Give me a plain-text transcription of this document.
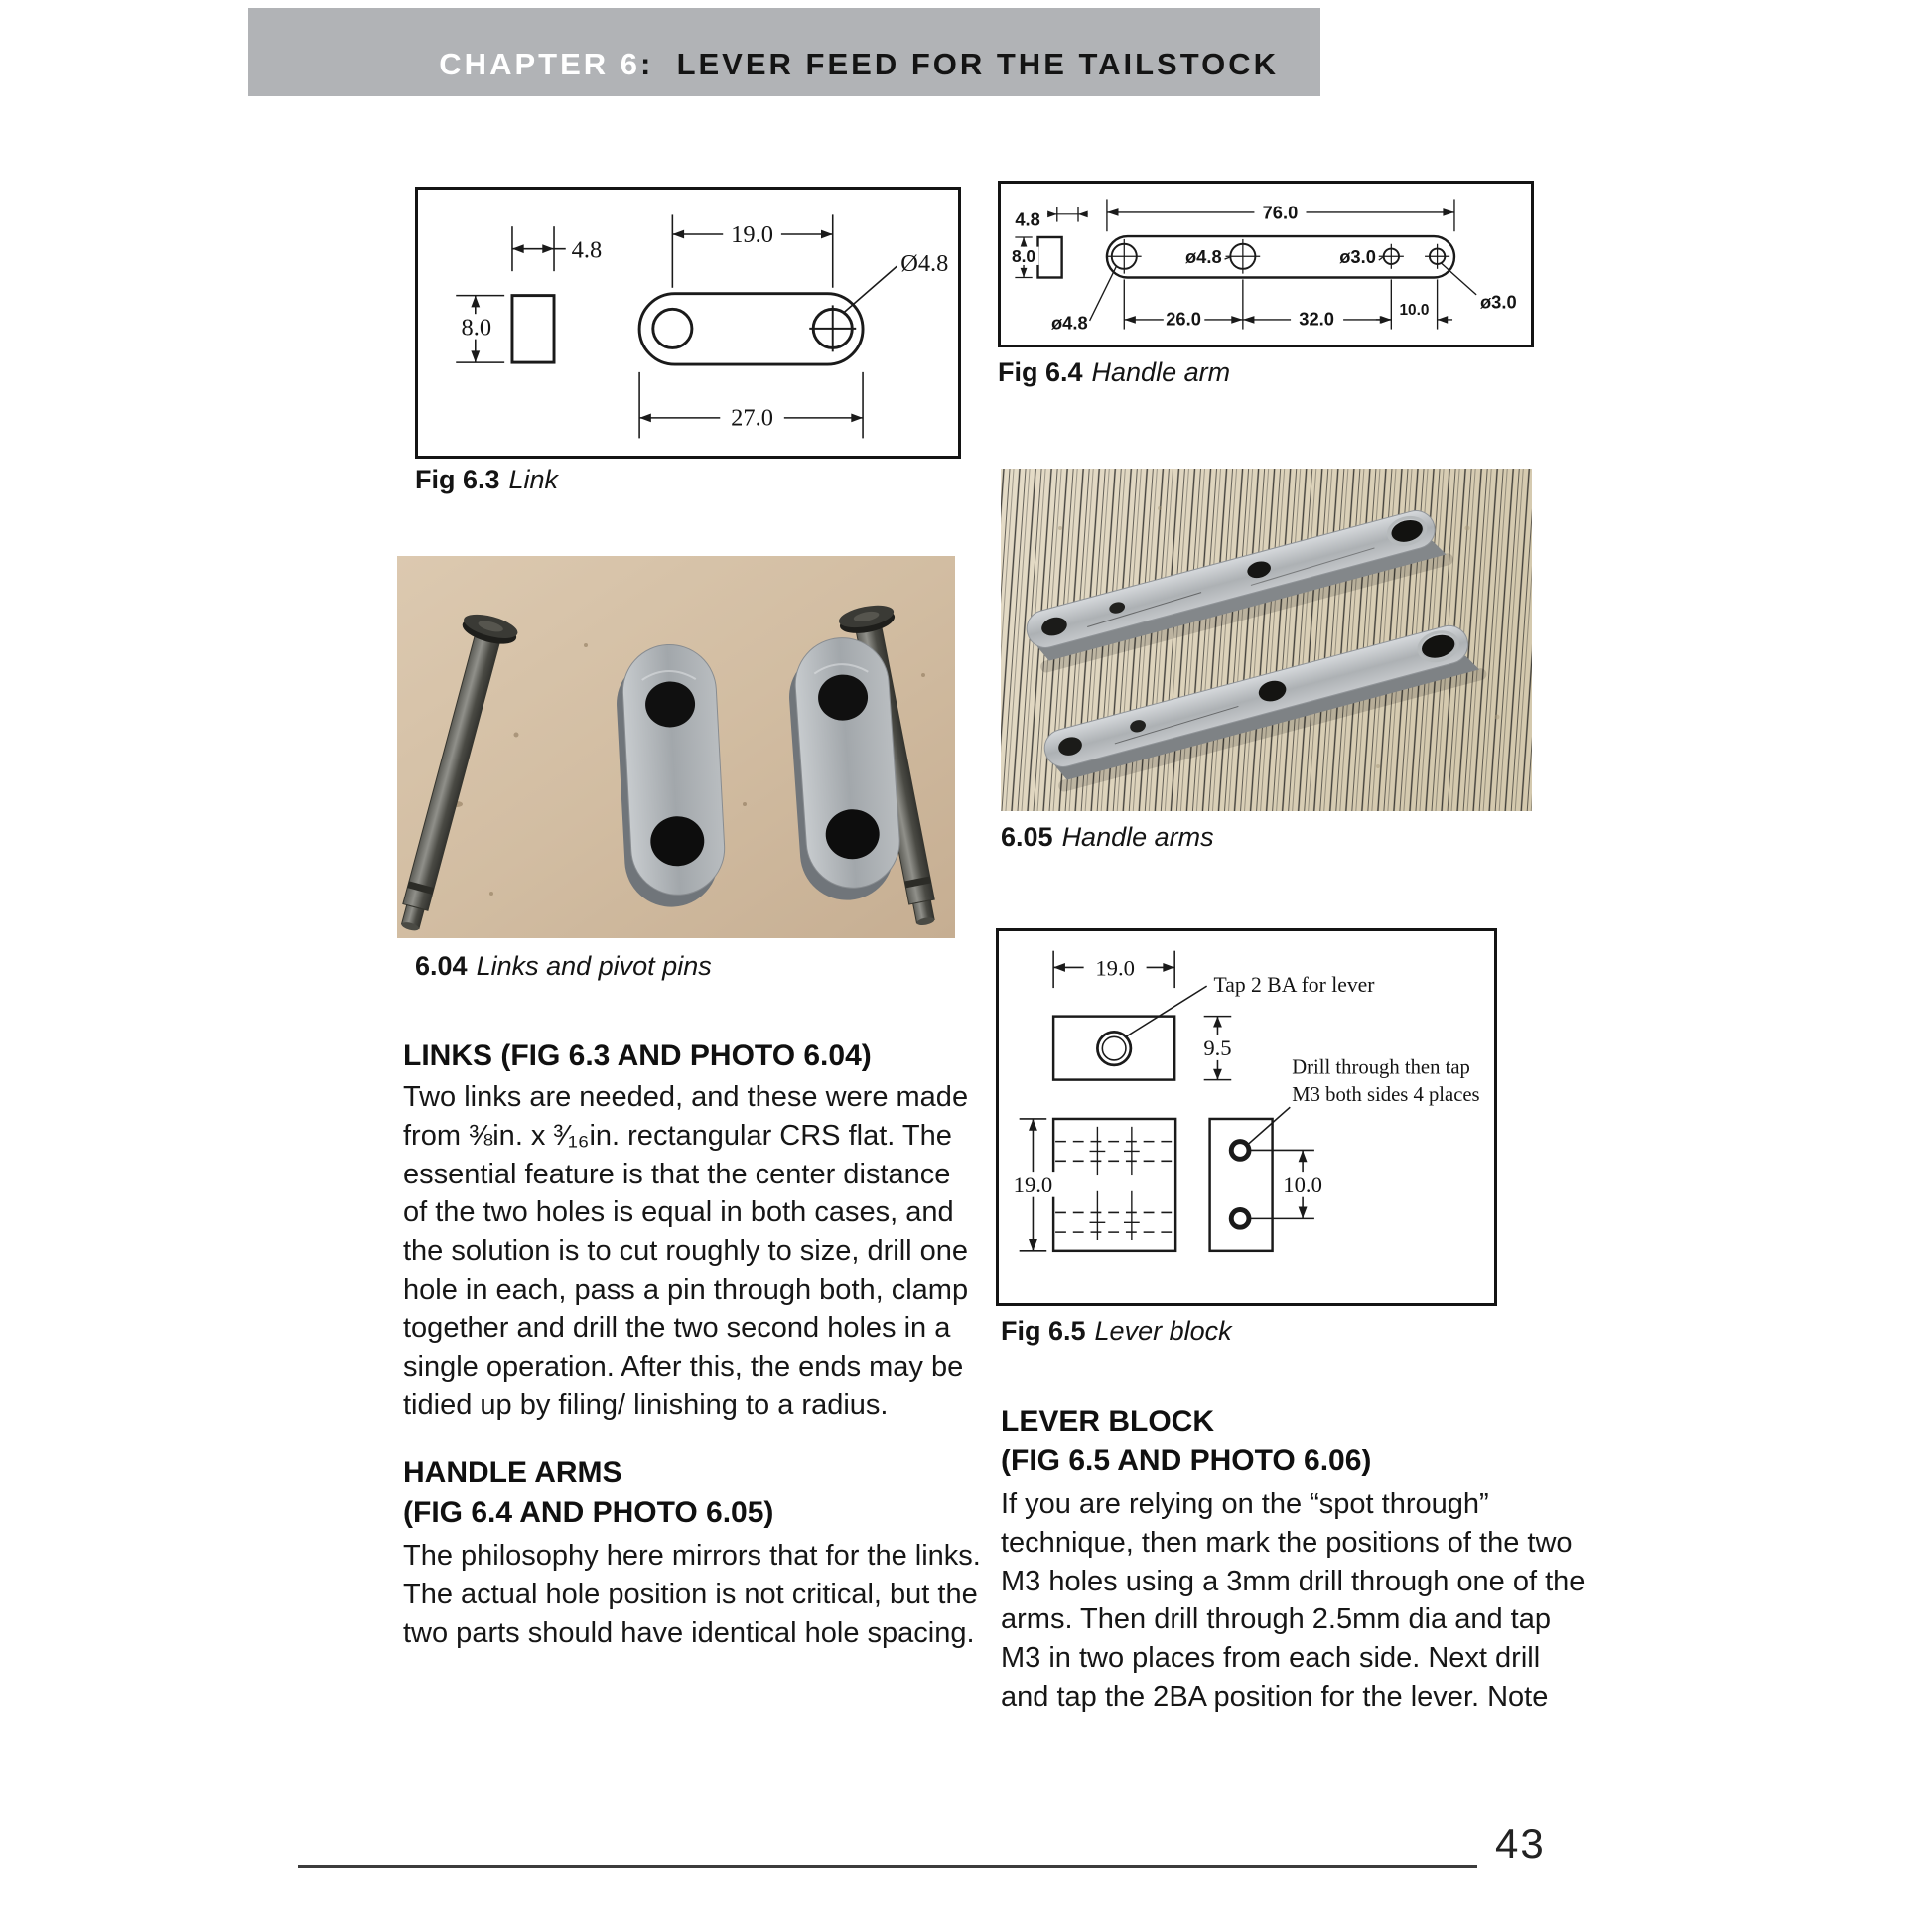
CHAPTER 6 : LEVER FEED FOR THE TAILSTOCK
4.8
8.0
19.0
27.0
Ø4.8
Fig 6.3 Link
4.8
8.0
76.0
ø4.8	ø3.0
ø4.8
ø3.0
26.0	32.0	10.0
Fig 6.4 Handle arm
6.04 Links and pivot pins
6.05 Handle arms
19.0
Tap 2 BA for lever
9.5
19.0	10.0
Drill through then tap
M3 both sides 4 places
Fig 6.5 Lever block
LINKS (FIG 6.3 AND PHOTO 6.04)
Two links are needed, and these were made
from ⅜in. x ³⁄₁₆in. rectangular CRS flat. The
essential feature is that the center distance
of the two holes is equal in both cases, and
the solution is to cut roughly to size, drill one
hole in each, pass a pin through both, clamp
together and drill the two second holes in a
single operation. After this, the ends may be
tidied up by filing/ linishing to a radius.
HANDLE ARMS
(FIG 6.4 AND PHOTO 6.05)
The philosophy here mirrors that for the links.
The actual hole position is not critical, but the
two parts should have identical hole spacing.
LEVER BLOCK
(FIG 6.5 AND PHOTO 6.06)
If you are relying on the “spot through”
technique, then mark the positions of the two
M3 holes using a 3mm drill through one of the
arms. Then drill through 2.5mm dia and tap
M3 in two places from each side. Next drill
and tap the 2BA position for the lever. Note
43
